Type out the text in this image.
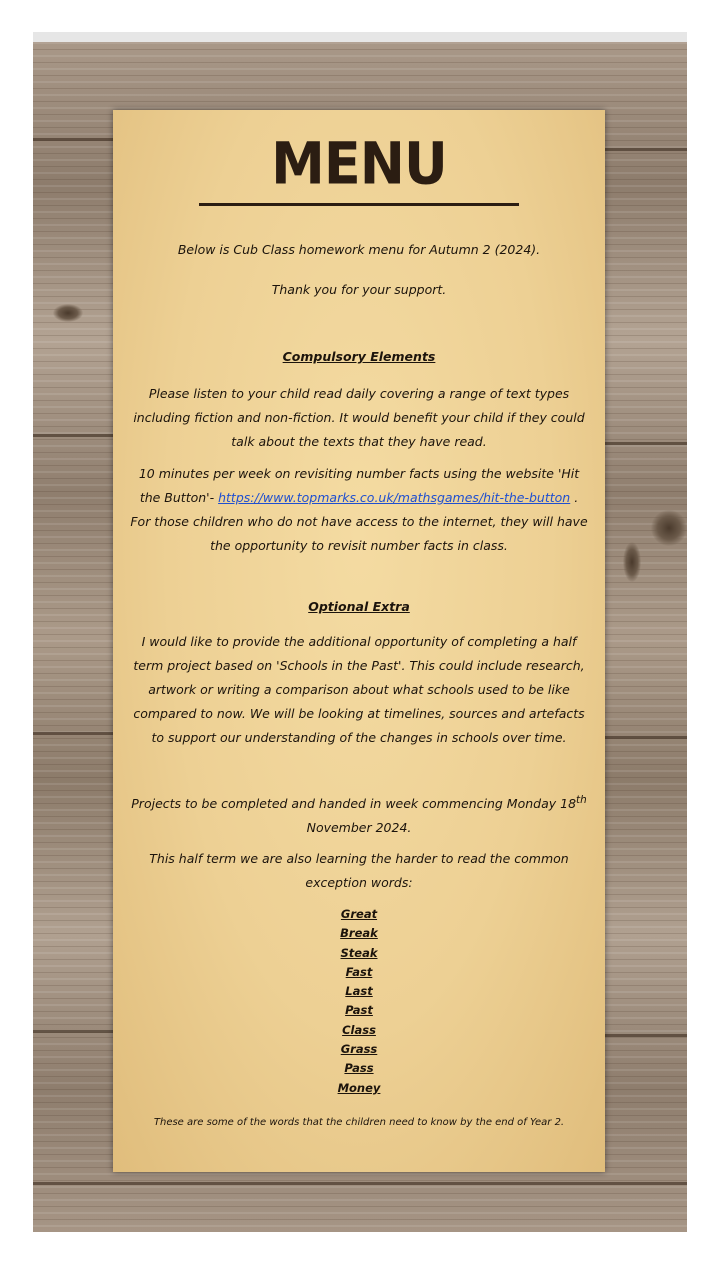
MENU
Below is Cub Class homework menu for Autumn 2 (2024).
Thank you for your support.
Compulsory Elements
Please listen to your child read daily covering a range of text types including fiction and non-fiction. It would benefit your child if they could talk about the texts that they have read.
10 minutes per week on revisiting number facts using the website 'Hit the Button'- https://www.topmarks.co.uk/mathsgames/hit-the-button . For those children who do not have access to the internet, they will have the opportunity to revisit number facts in class.
Optional Extra
I would like to provide the additional opportunity of completing a half term project based on 'Schools in the Past'. This could include research, artwork or writing a comparison about what schools used to be like compared to now. We will be looking at timelines, sources and artefacts to support our understanding of the changes in schools over time.
Projects to be completed and handed in week commencing Monday 18th November 2024.
This half term we are also learning the harder to read the common exception words:
Great
Break
Steak
Fast
Last
Past
Class
Grass
Pass
Money
These are some of the words that the children need to know by the end of Year 2.
